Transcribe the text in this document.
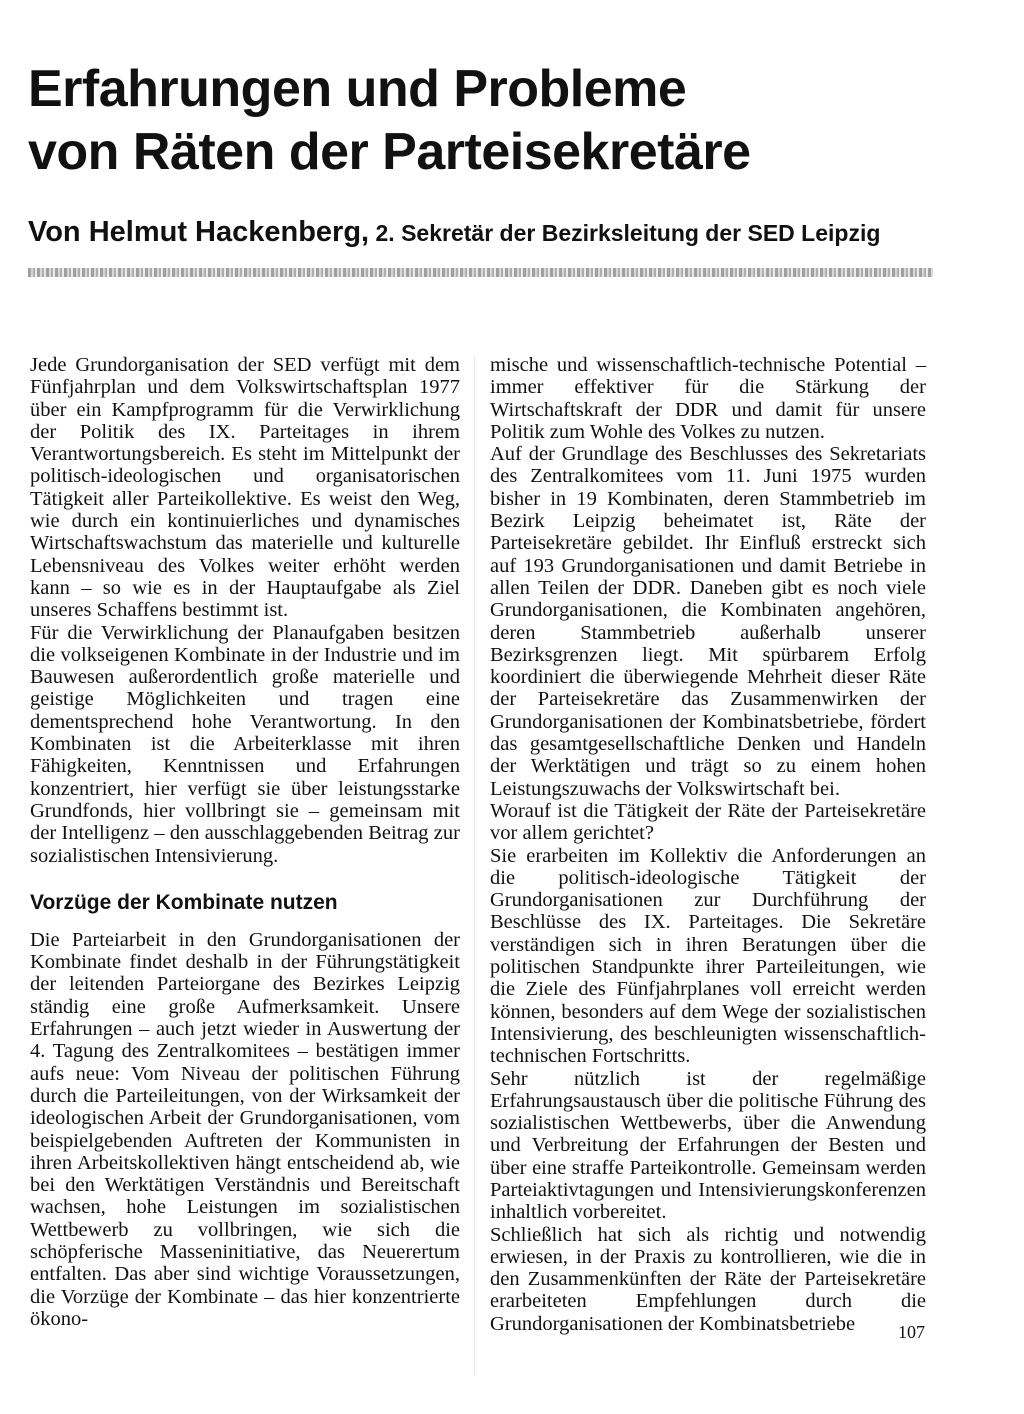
Erfahrungen und Probleme
von Räten der Parteisekretäre

Von Helmut Hackenberg, 2. Sekretär der Bezirksleitung der SED Leipzig

Jede Grundorganisation der SED verfügt mit dem Fünfjahrplan und dem Volkswirtschaftsplan 1977 über ein Kampfprogramm für die Verwirklichung der Politik des IX. Parteitages in ihrem Verantwortungsbereich. Es steht im Mittelpunkt der politisch-ideologischen und organisatorischen Tätigkeit aller Parteikollektive. Es weist den Weg, wie durch ein kontinuierliches und dynamisches Wirtschaftswachstum das materielle und kulturelle Lebensniveau des Volkes weiter erhöht werden kann – so wie es in der Hauptaufgabe als Ziel unseres Schaffens bestimmt ist.

Für die Verwirklichung der Planaufgaben besitzen die volkseigenen Kombinate in der Industrie und im Bauwesen außerordentlich große materielle und geistige Möglichkeiten und tragen eine dementsprechend hohe Verantwortung. In den Kombinaten ist die Arbeiterklasse mit ihren Fähigkeiten, Kenntnissen und Erfahrungen konzentriert, hier verfügt sie über leistungsstarke Grundfonds, hier vollbringt sie – gemeinsam mit der Intelligenz – den ausschlaggebenden Beitrag zur sozialistischen Intensivierung.

Vorzüge der Kombinate nutzen

Die Parteiarbeit in den Grundorganisationen der Kombinate findet deshalb in der Führungstätigkeit der leitenden Parteiorgane des Bezirkes Leipzig ständig eine große Aufmerksamkeit. Unsere Erfahrungen – auch jetzt wieder in Auswertung der 4. Tagung des Zentralkomitees – bestätigen immer aufs neue: Vom Niveau der politischen Führung durch die Parteileitungen, von der Wirksamkeit der ideologischen Arbeit der Grundorganisationen, vom beispielgebenden Auftreten der Kommunisten in ihren Arbeitskollektiven hängt entscheidend ab, wie bei den Werktätigen Verständnis und Bereitschaft wachsen, hohe Leistungen im sozialistischen Wettbewerb zu vollbringen, wie sich die schöpferische Masseninitiative, das Neuerertum entfalten. Das aber sind wichtige Voraussetzungen, die Vorzüge der Kombinate – das hier konzentrierte ökono-

mische und wissenschaftlich-technische Potential – immer effektiver für die Stärkung der Wirtschaftskraft der DDR und damit für unsere Politik zum Wohle des Volkes zu nutzen.

Auf der Grundlage des Beschlusses des Sekretariats des Zentralkomitees vom 11. Juni 1975 wurden bisher in 19 Kombinaten, deren Stammbetrieb im Bezirk Leipzig beheimatet ist, Räte der Parteisekretäre gebildet. Ihr Einfluß erstreckt sich auf 193 Grundorganisationen und damit Betriebe in allen Teilen der DDR. Daneben gibt es noch viele Grundorganisationen, die Kombinaten angehören, deren Stammbetrieb außerhalb unserer Bezirksgrenzen liegt. Mit spürbarem Erfolg koordiniert die überwiegende Mehrheit dieser Räte der Parteisekretäre das Zusammenwirken der Grundorganisationen der Kombinatsbetriebe, fördert das gesamtgesellschaftliche Denken und Handeln der Werktätigen und trägt so zu einem hohen Leistungszuwachs der Volkswirtschaft bei.

Worauf ist die Tätigkeit der Räte der Parteisekretäre vor allem gerichtet?

Sie erarbeiten im Kollektiv die Anforderungen an die politisch-ideologische Tätigkeit der Grundorganisationen zur Durchführung der Beschlüsse des IX. Parteitages. Die Sekretäre verständigen sich in ihren Beratungen über die politischen Standpunkte ihrer Parteileitungen, wie die Ziele des Fünfjahrplanes voll erreicht werden können, besonders auf dem Wege der sozialistischen Intensivierung, des beschleunigten wissenschaftlich-technischen Fortschritts.

Sehr nützlich ist der regelmäßige Erfahrungsaustausch über die politische Führung des sozialistischen Wettbewerbs, über die Anwendung und Verbreitung der Erfahrungen der Besten und über eine straffe Parteikontrolle. Gemeinsam werden Parteiaktivtagungen und Intensivierungskonferenzen inhaltlich vorbereitet.

Schließlich hat sich als richtig und notwendig erwiesen, in der Praxis zu kontrollieren, wie die in den Zusammenkünften der Räte der Parteisekretäre erarbeiteten Empfehlungen durch die Grundorganisationen der Kombinatsbetriebe	107
